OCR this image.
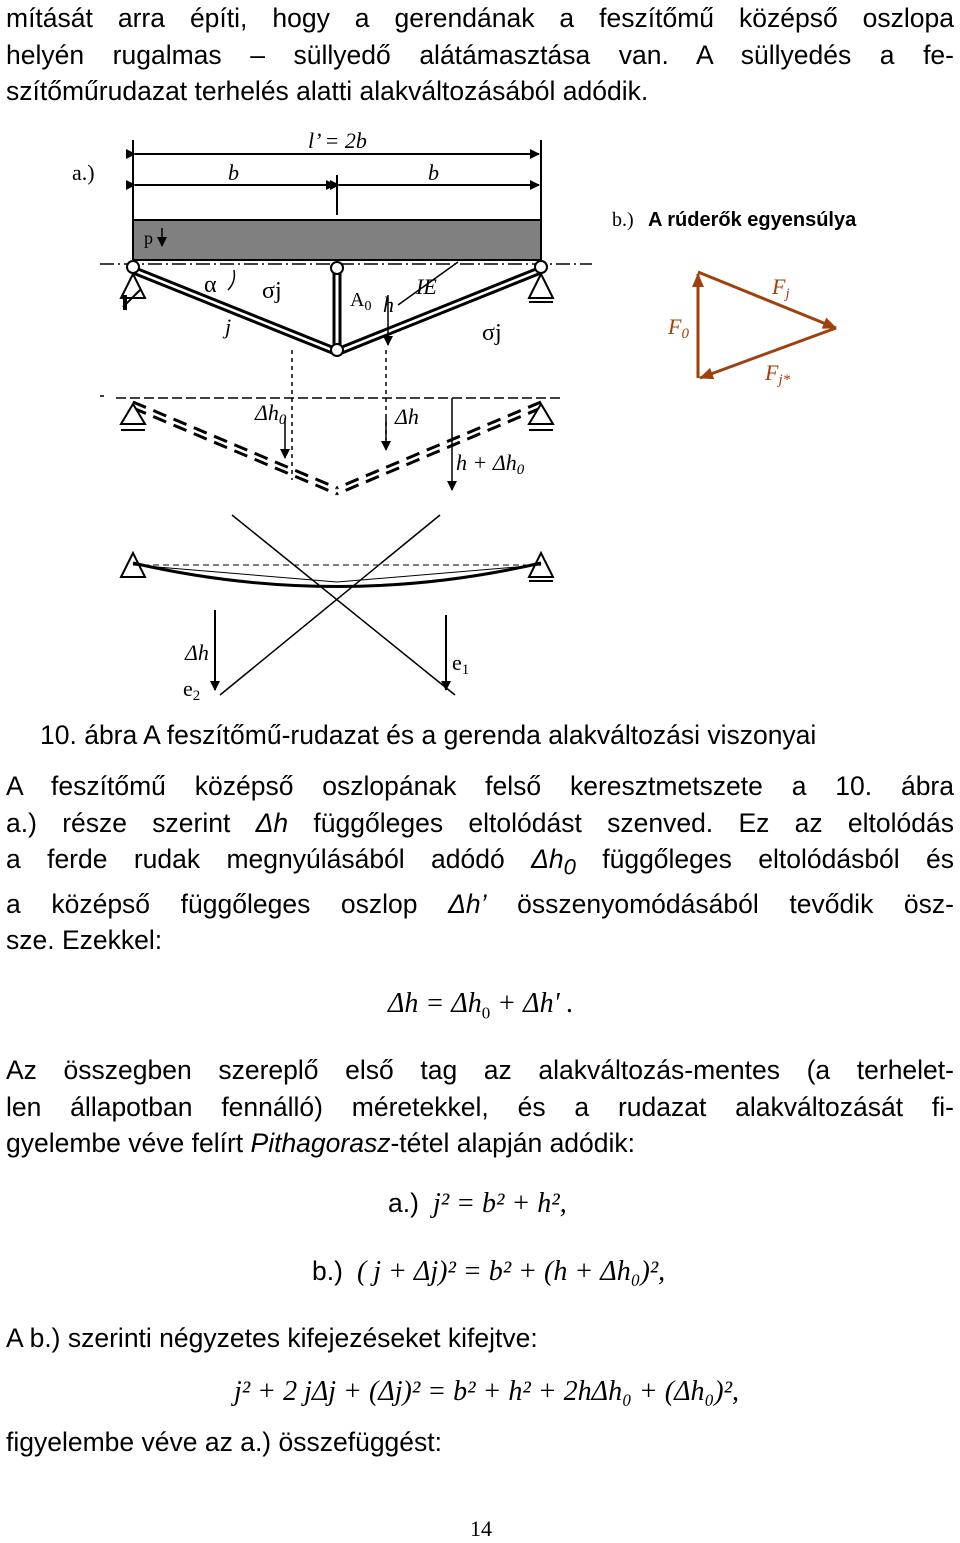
mítását arra építi, hogy a gerendának a feszítőmű középső oszlopa

helyén rugalmas – süllyedő alátámasztása van. A süllyedés a fe-

szítőműrudazat terhelés alatti alakváltozásából adódik.

a.)
l’ = 2b
b	b
p
α σj	$A_0$ h
IE
j	σj
b.) A rúderők egyensúlya
F0
Fj
Fj*
Δh0	Δh
h + Δh0
Δh	e1
e2
10. ábra A feszítőmű-rudazat és a gerenda alakváltozási viszonyai

A feszítőmű középső oszlopának felső keresztmetszete a 10. ábra

a.) része szerint Δh függőleges eltolódást szenved. Ez az eltolódás

a ferde rudak megnyúlásából adódó $\Delta h_0$ függőleges eltolódásból és

a középső függőleges oszlop Δh’ összenyomódásából tevődik ösz-

sze. Ezekkel:

$\Delta h = \Delta h_0 + \Delta h'$ .

Az összegben szereplő első tag az alakváltozás-mentes (a terhelet-

len állapotban fennálló) méretekkel, és a rudazat alakváltozását fi-

gyelembe véve felírt Pithagorasz-tétel alapján adódik:

a.) j² = b² + h²,
b.) ( j + Δj)² = b² + (h + Δh₀)²,

A b.) szerinti négyzetes kifejezéseket kifejtve:

j² + 2 jΔj + (Δj)² = b² + h² + 2hΔh₀ + (Δh₀)²,

figyelembe véve az a.) összefüggést:

14
